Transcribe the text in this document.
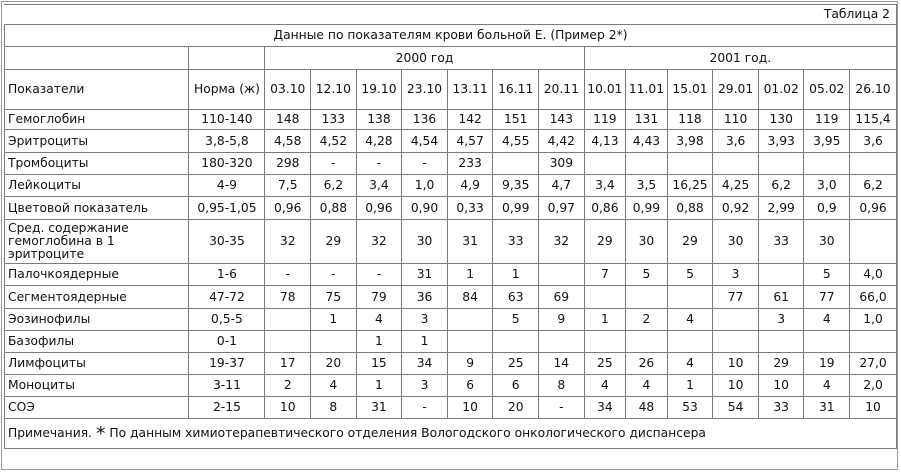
Таблица 2															
Данные по показателям крови больной Е. (Пример 2*)															
		2000 год							2001 год.						
Показатели	Норма (ж)	03.10	12.10	19.10	23.10	13.11	16.11	20.11	10.01	11.01	15.01	29.01	01.02	05.02	26.10
Гемоглобин	110-140	148	133	138	136	142	151	143	119	131	118	110	130	119	115,4
Эритроциты	3,8-5,8	4,58	4,52	4,28	4,54	4,57	4,55	4,42	4,13	4,43	3,98	3,6	3,93	3,95	3,6
Тромбоциты	180-320	298	-	-	-	233		309							
Лейкоциты	4-9	7,5	6,2	3,4	1,0	4,9	9,35	4,7	3,4	3,5	16,25	4,25	6,2	3,0	6,2
Цветовой показатель	0,95-1,05	0,96	0,88	0,96	0,90	0,33	0,99	0,97	0,86	0,99	0,88	0,92	2,99	0,9	0,96
Сред. содержание гемоглобина в 1 эритроците	30-35	32	29	32	30	31	33	32	29	30	29	30	33	30	
Палочкоядерные	1-6	-	-	-	31	1	1		7	5	5	3		5	4,0
Сегментоядерные	47-72	78	75	79	36	84	63	69				77	61	77	66,0
Эозинофилы	0,5-5		1	4	3		5	9	1	2	4		3	4	1,0
Базофилы	0-1			1	1										
Лимфоциты	19-37	17	20	15	34	9	25	14	25	26	4	10	29	19	27,0
Моноциты	3-11	2	4	1	3	6	6	8	4	4	1	10	10	4	2,0
СОЭ	2-15	10	8	31	-	10	20	-	34	48	53	54	33	31	10
Примечания. * По данным химиотерапевтического отделения Вологодского онкологического диспансера															
